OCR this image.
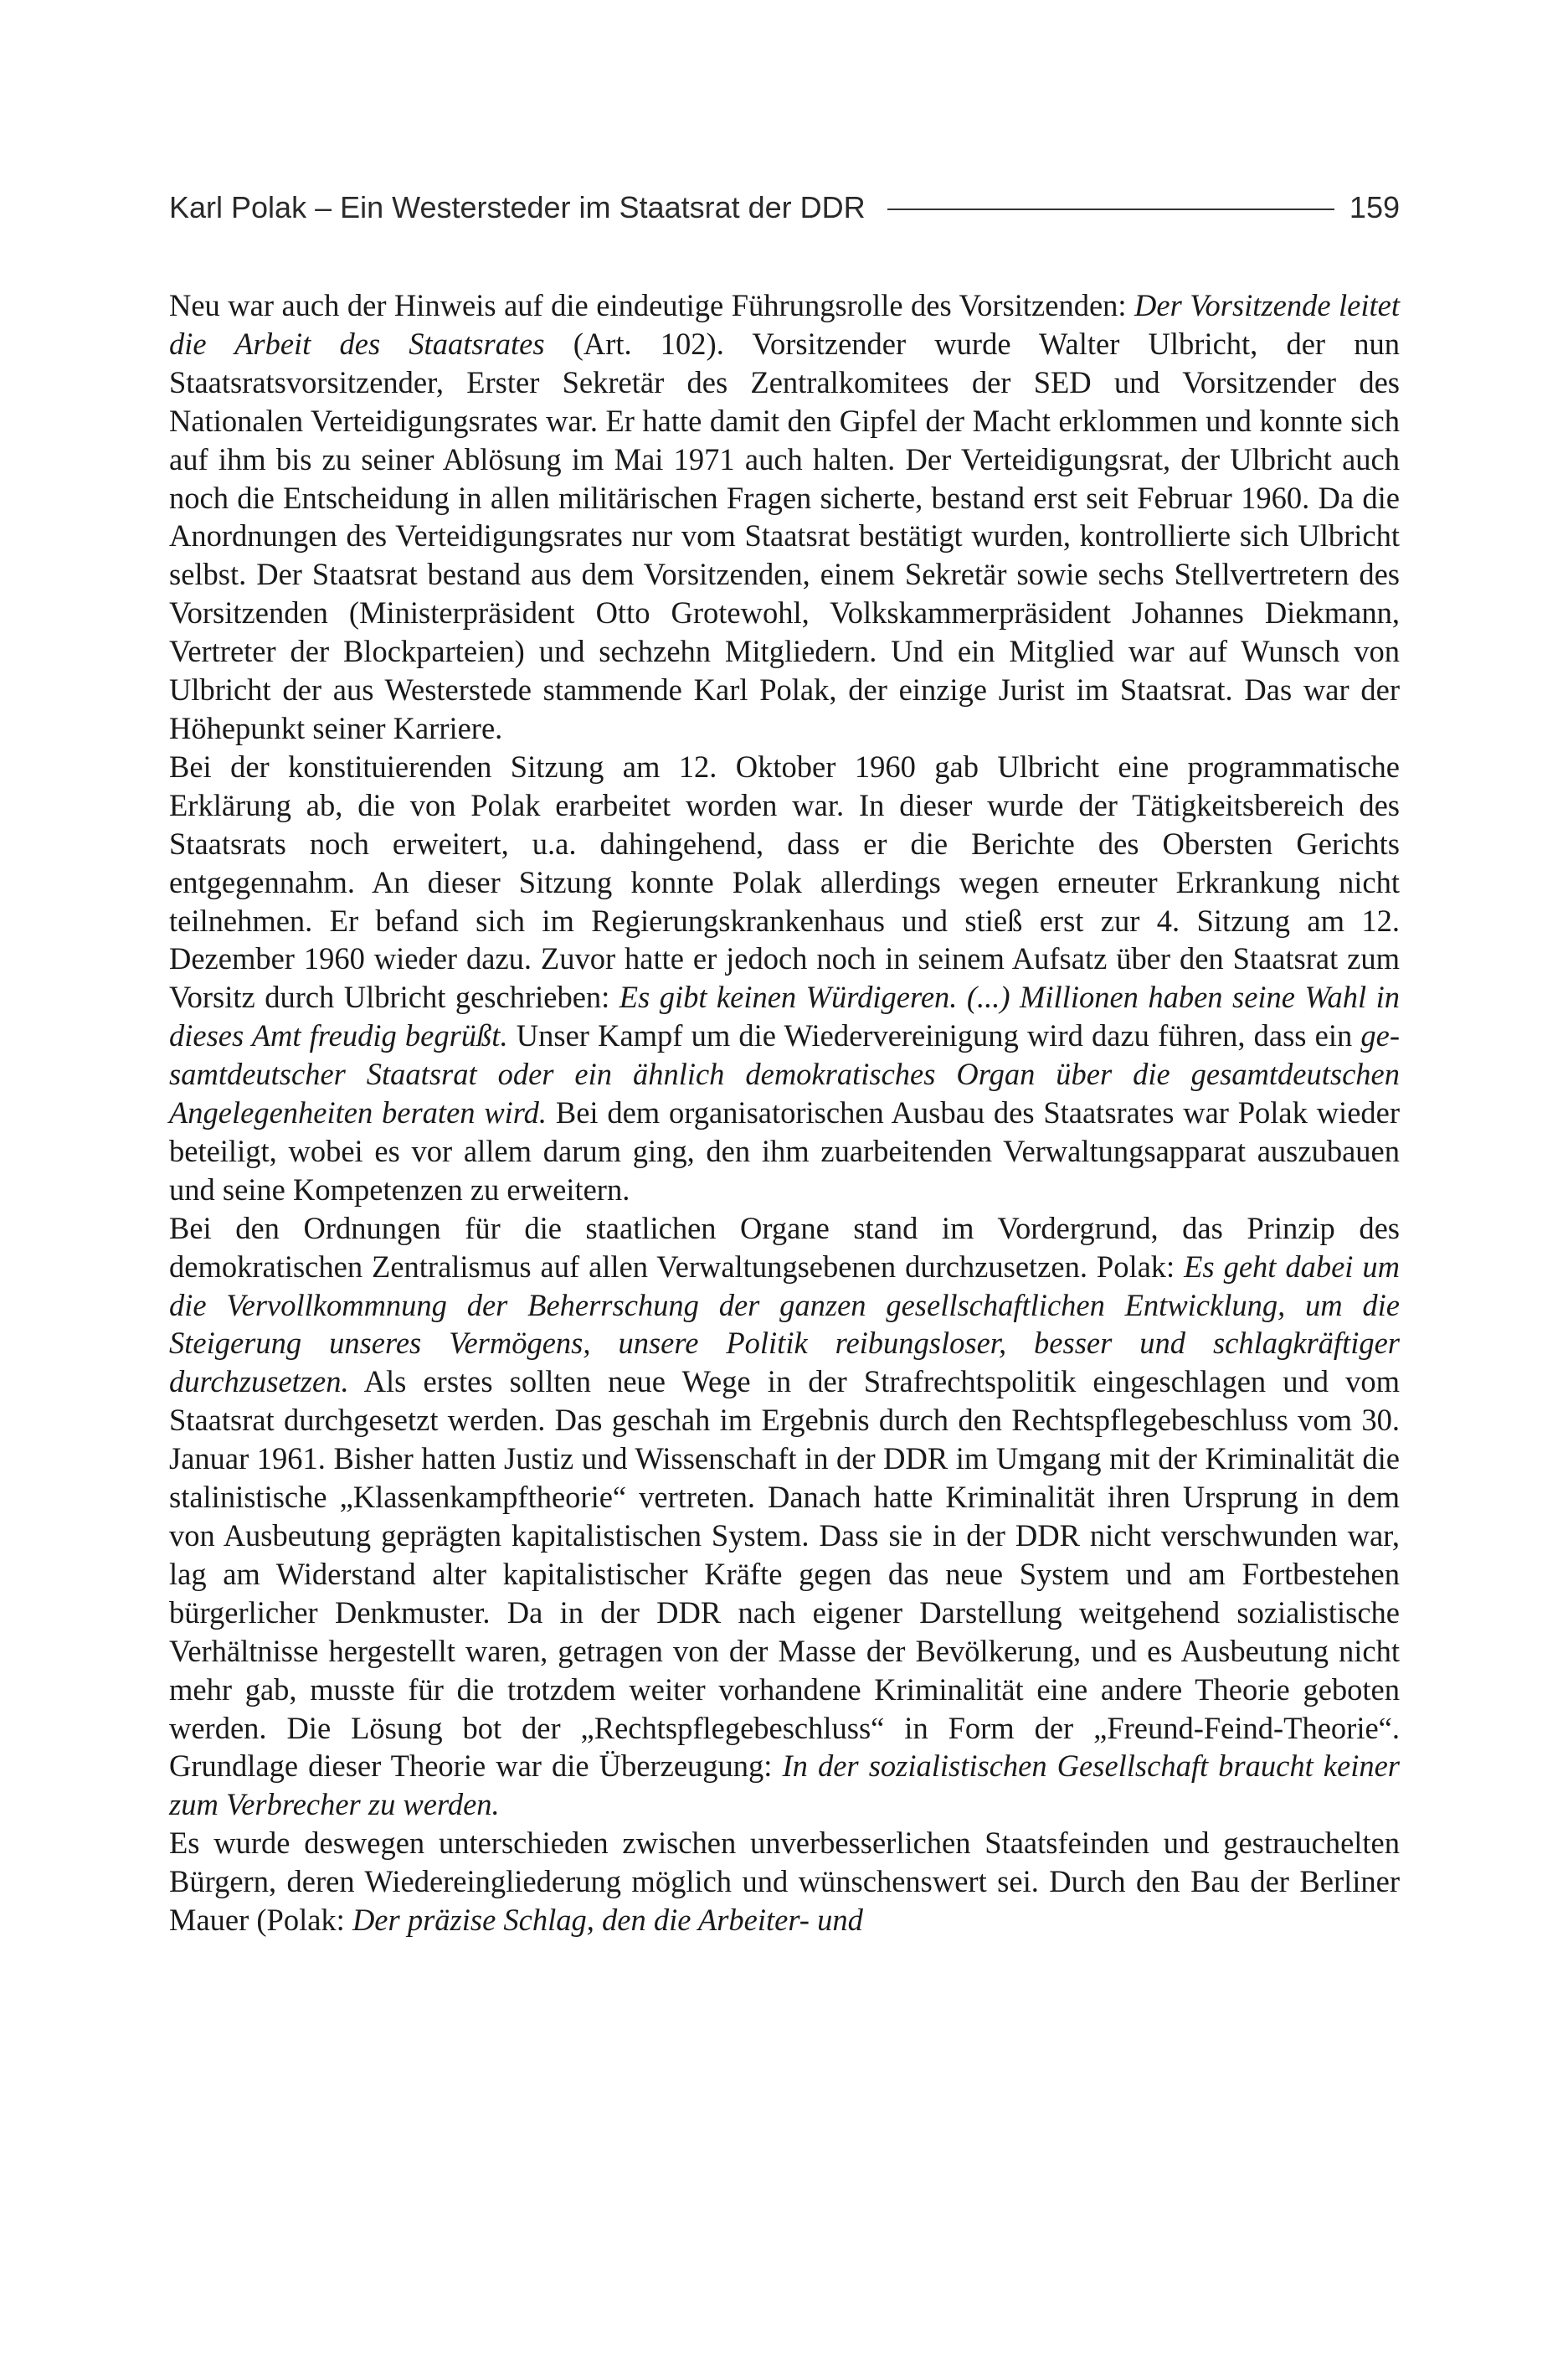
Karl Polak – Ein Westersteder im Staatsrat der DDR	159

Neu war auch der Hinweis auf die eindeutige Führungsrolle des Vorsitzenden: Der Vorsitzende leitet die Arbeit des Staatsrates (Art. 102). Vorsitzender wurde Walter Ulbricht, der nun Staatsratsvorsitzender, Erster Sekretär des Zentralkomitees der SED und Vorsitzender des Nationalen Verteidigungsrates war. Er hatte damit den Gipfel der Macht erklommen und konnte sich auf ihm bis zu seiner Ablösung im Mai 1971 auch halten. Der Verteidigungsrat, der Ulbricht auch noch die Entscheidung in allen militärischen Fragen sicherte, bestand erst seit Februar 1960. Da die Anordnungen des Verteidigungsrates nur vom Staatsrat bestätigt wurden, kontrollierte sich Ulbricht selbst. Der Staatsrat bestand aus dem Vorsitzenden, einem Sekretär sowie sechs Stellvertretern des Vorsitzenden (Ministerpräsident Otto Grotewohl, Volkskammerpräsident Johannes Diekmann, Vertreter der Blockparteien) und sechzehn Mitgliedern. Und ein Mitglied war auf Wunsch von Ulbricht der aus Westerstede stammende Karl Polak, der einzige Jurist im Staatsrat. Das war der Höhepunkt seiner Karriere.

Bei der konstituierenden Sitzung am 12. Oktober 1960 gab Ulbricht eine programmatische Erklärung ab, die von Polak erarbeitet worden war. In dieser wurde der Tätigkeitsbereich des Staatsrats noch erweitert, u.a. dahingehend, dass er die Berichte des Obersten Gerichts entgegennahm. An dieser Sitzung konnte Polak allerdings wegen erneuter Erkrankung nicht teilnehmen. Er befand sich im Regierungskrankenhaus und stieß erst zur 4. Sitzung am 12. Dezember 1960 wieder dazu. Zuvor hatte er jedoch noch in seinem Aufsatz über den Staatsrat zum Vorsitz durch Ulbricht geschrieben: Es gibt keinen Würdigeren. (...) Millionen haben seine Wahl in dieses Amt freudig begrüßt. Unser Kampf um die Wiedervereinigung wird dazu führen, dass ein gesamtdeutscher Staatsrat oder ein ähnlich demokratisches Organ über die gesamtdeutschen Angelegenheiten beraten wird. Bei dem organisatorischen Ausbau des Staatsrates war Polak wieder beteiligt, wobei es vor allem darum ging, den ihm zuarbeitenden Verwaltungsapparat auszubauen und seine Kompetenzen zu erweitern.

Bei den Ordnungen für die staatlichen Organe stand im Vordergrund, das Prinzip des demokratischen Zentralismus auf allen Verwaltungsebenen durchzusetzen. Polak: Es geht dabei um die Vervollkommnung der Beherrschung der ganzen gesellschaftlichen Entwicklung, um die Steigerung unseres Vermögens, unsere Politik reibungsloser, besser und schlagkräftiger durchzusetzen. Als erstes sollten neue Wege in der Strafrechtspolitik eingeschlagen und vom Staatsrat durchgesetzt werden. Das geschah im Ergebnis durch den Rechtspflegebeschluss vom 30. Januar 1961. Bisher hatten Justiz und Wissenschaft in der DDR im Umgang mit der Kriminalität die stalinistische „Klassenkampftheorie“ vertreten. Danach hatte Kriminalität ihren Ursprung in dem von Ausbeutung geprägten kapitalistischen System. Dass sie in der DDR nicht verschwunden war, lag am Widerstand alter kapitalistischer Kräfte gegen das neue System und am Fortbestehen bürgerlicher Denkmuster. Da in der DDR nach eigener Darstellung weitgehend sozialistische Verhältnisse hergestellt waren, getragen von der Masse der Bevölkerung, und es Ausbeutung nicht mehr gab, musste für die trotzdem weiter vorhandene Kriminalität eine andere Theorie geboten werden. Die Lösung bot der „Rechtspflegebeschluss“ in Form der „Freund-Feind-Theorie“. Grundlage dieser Theorie war die Überzeugung: In der sozialistischen Gesellschaft braucht keiner zum Verbrecher zu werden.

Es wurde deswegen unterschieden zwischen unverbesserlichen Staatsfeinden und gestrauchelten Bürgern, deren Wiedereingliederung möglich und wünschenswert sei. Durch den Bau der Berliner Mauer (Polak: Der präzise Schlag, den die Arbeiter- und
